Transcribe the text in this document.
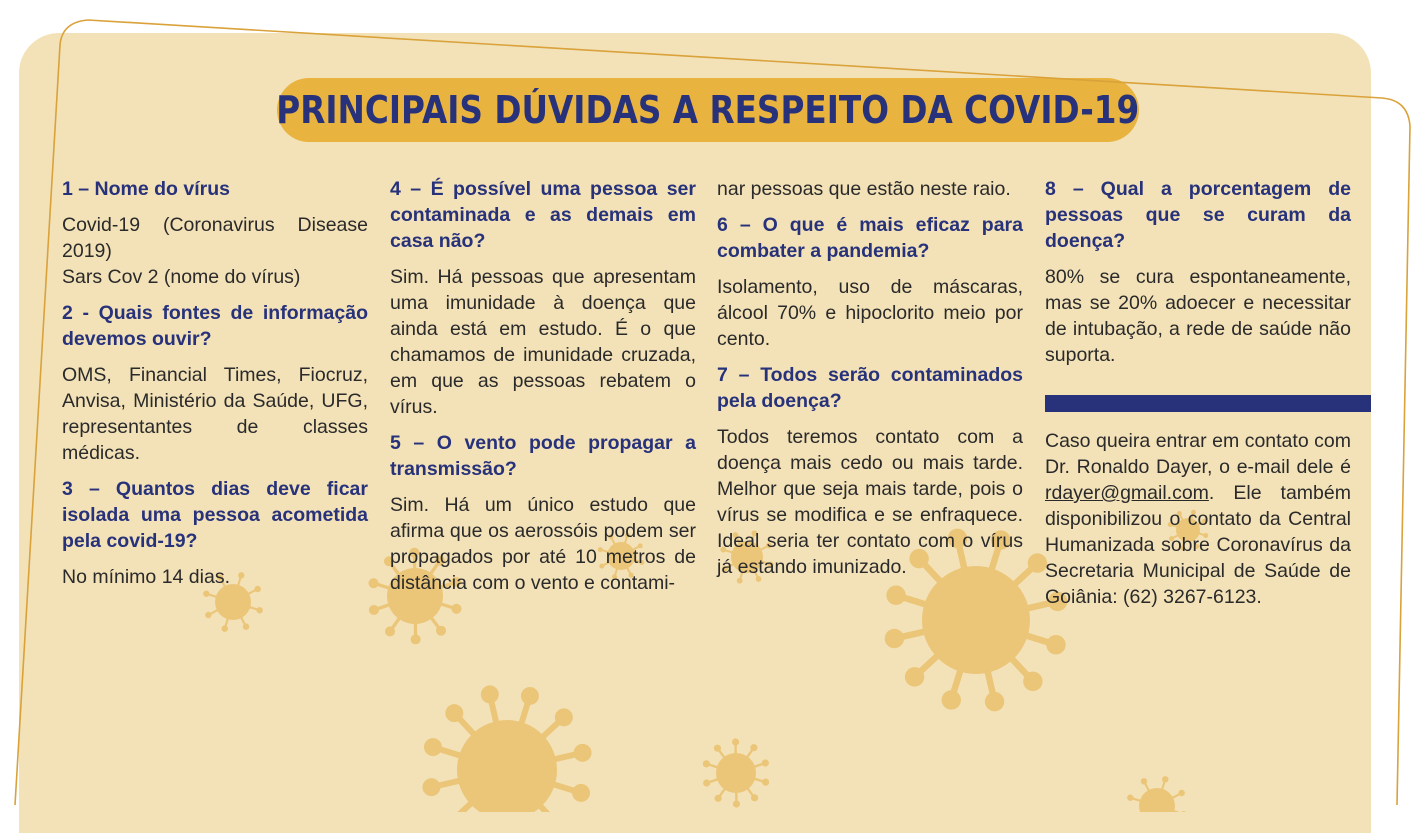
PRINCIPAIS DÚVIDAS A RESPEITO DA COVID-19
1 – Nome do vírus
Covid-19 (Coronavirus Disease 2019)
Sars Cov 2 (nome do vírus)
2 - Quais fontes de informação devemos ouvir?
OMS, Financial Times, Fiocruz, Anvisa, Ministério da Saúde, UFG, representantes de classes médicas.
3 – Quantos dias deve ficar isolada uma pessoa acometida pela covid-19?
No mínimo 14 dias.
4 – É possível uma pessoa ser contaminada e as demais em casa não?
Sim. Há pessoas que apresentam uma imunidade à doença que ainda está em estudo. É o que chamamos de imunidade cruzada, em que as pessoas rebatem o vírus.
5 – O vento pode propagar a transmissão?
Sim. Há um único estudo que afirma que os aerossóis podem ser propagados por até 10 metros de distância com o vento e contami-
nar pessoas que estão neste raio.
6 – O que é mais eficaz para combater a pandemia?
Isolamento, uso de máscaras, álcool 70% e hipoclorito meio por cento.
7 – Todos serão contaminados pela doença?
Todos teremos contato com a doença mais cedo ou mais tarde. Melhor que seja mais tarde, pois o vírus se modifica e se enfraquece. Ideal seria ter contato com o vírus já estando imunizado.
8 – Qual a porcentagem de pessoas que se curam da doença?
80% se cura espontaneamente, mas se 20% adoecer e necessitar de intubação, a rede de saúde não suporta.
Caso queira entrar em contato com Dr. Ronaldo Dayer, o e-mail dele é rdayer@gmail.com. Ele também disponibilizou o contato da Central Humanizada sobre Coronavírus da Secretaria Municipal de Saúde de Goiânia: (62) 3267-6123.
